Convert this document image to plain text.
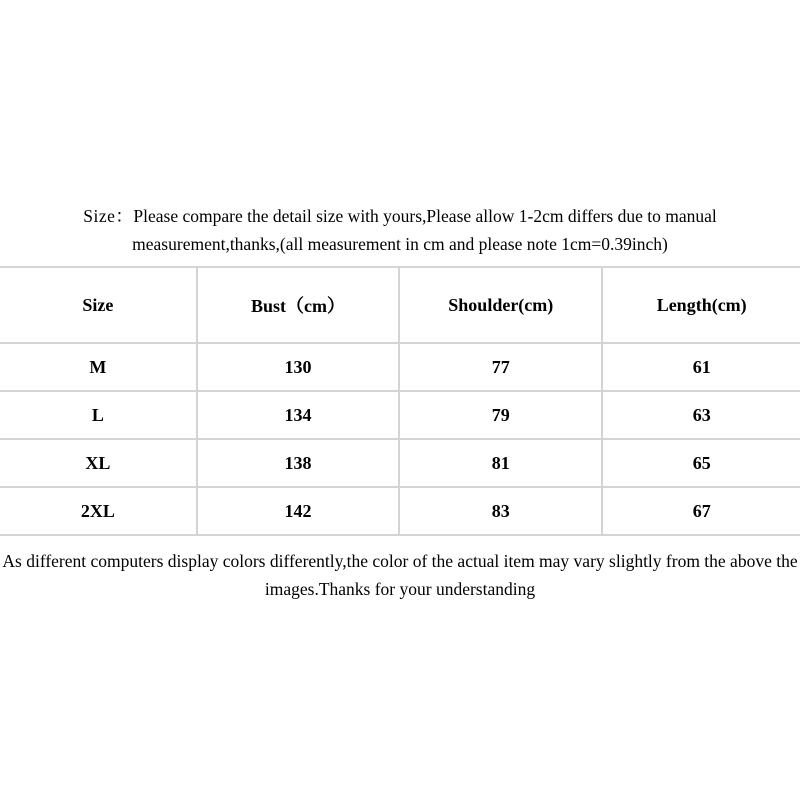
Size：Please compare the detail size with yours,Please allow 1-2cm differs due to manual measurement,thanks,(all measurement in cm and please note 1cm=0.39inch)

Size	Bust（cm）	Shoulder(cm)	Length(cm)
M	130	77	61
L	134	79	63
XL	138	81	65
2XL	142	83	67

As different computers display colors differently,the color of the actual item may vary slightly from the above the images.Thanks for your understanding
